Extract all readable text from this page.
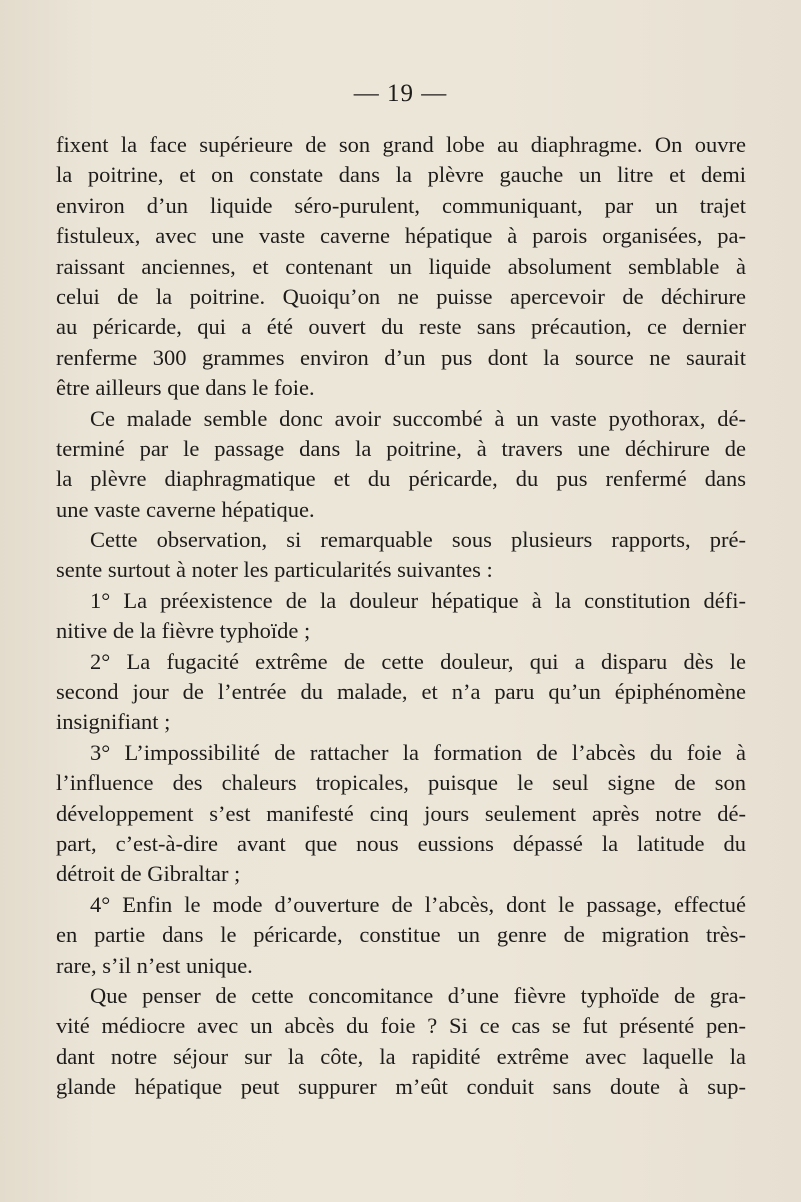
— 19 —
fixent la face supérieure de son grand lobe au diaphragme. On ouvre
la poitrine, et on constate dans la plèvre gauche un litre et demi
environ d’un liquide séro-purulent, communiquant, par un trajet
fistuleux, avec une vaste caverne hépatique à parois organisées, pa-
raissant anciennes, et contenant un liquide absolument semblable à
celui de la poitrine. Quoiqu’on ne puisse apercevoir de déchirure
au péricarde, qui a été ouvert du reste sans précaution, ce dernier
renferme 300 grammes environ d’un pus dont la source ne saurait
être ailleurs que dans le foie.
Ce malade semble donc avoir succombé à un vaste pyothorax, dé-
terminé par le passage dans la poitrine, à travers une déchirure de
la plèvre diaphragmatique et du péricarde, du pus renfermé dans
une vaste caverne hépatique.
Cette observation, si remarquable sous plusieurs rapports, pré-
sente surtout à noter les particularités suivantes :
1° La préexistence de la douleur hépatique à la constitution défi-
nitive de la fièvre typhoïde ;
2° La fugacité extrême de cette douleur, qui a disparu dès le
second jour de l’entrée du malade, et n’a paru qu’un épiphénomène
insignifiant ;
3° L’impossibilité de rattacher la formation de l’abcès du foie à
l’influence des chaleurs tropicales, puisque le seul signe de son
développement s’est manifesté cinq jours seulement après notre dé-
part, c’est-à-dire avant que nous eussions dépassé la latitude du
détroit de Gibraltar ;
4° Enfin le mode d’ouverture de l’abcès, dont le passage, effectué
en partie dans le péricarde, constitue un genre de migration très-
rare, s’il n’est unique.
Que penser de cette concomitance d’une fièvre typhoïde de gra-
vité médiocre avec un abcès du foie ? Si ce cas se fut présenté pen-
dant notre séjour sur la côte, la rapidité extrême avec laquelle la
glande hépatique peut suppurer m’eût conduit sans doute à sup-
